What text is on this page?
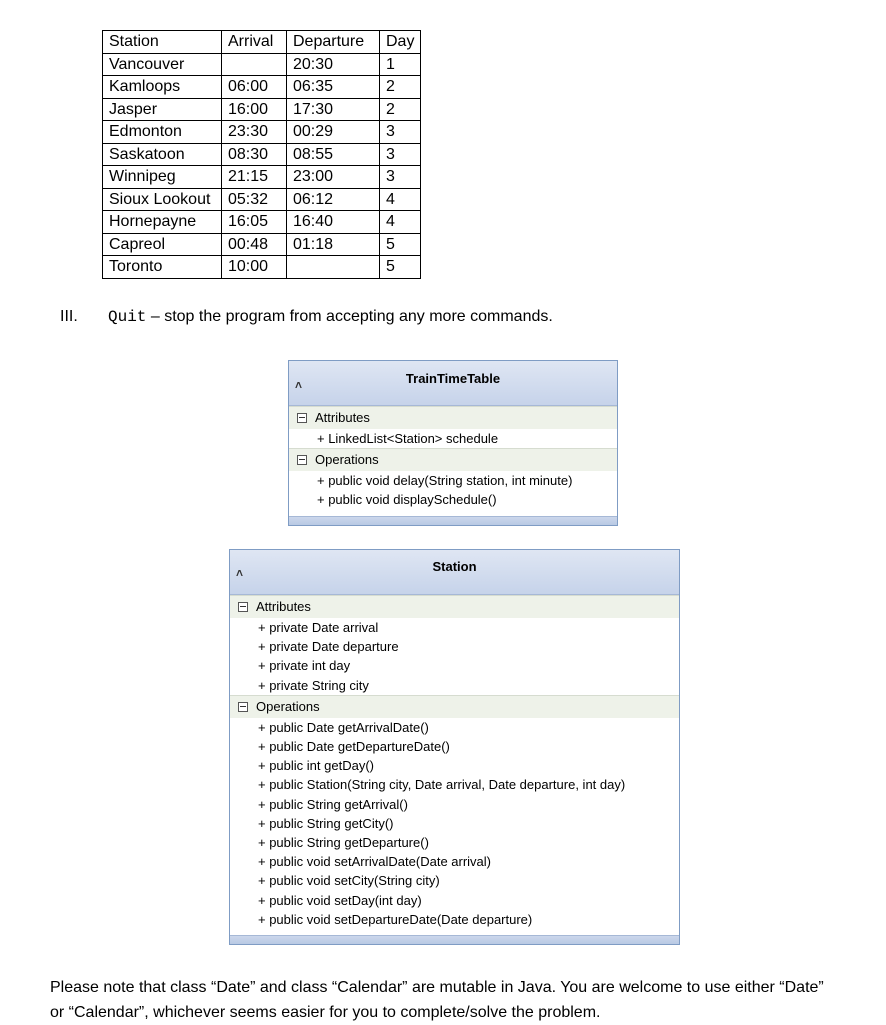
Station	Arrival	Departure	Day
Vancouver		20:30	1
Kamloops	06:00	06:35	2
Jasper	16:00	17:30	2
Edmonton	23:30	00:29	3
Saskatoon	08:30	08:55	3
Winnipeg	21:15	23:00	3
Sioux Lookout	05:32	06:12	4
Hornepayne	16:05	16:40	4
Capreol	00:48	01:18	5
Toronto	10:00		5
III. Quit – stop the program from accepting any more commands.
˄	TrainTimeTable
Attributes
+ LinkedList<Station> schedule
Operations
+ public void delay(String station, int minute)
+ public void displaySchedule()
˄	Station
Attributes
+ private Date arrival
+ private Date departure
+ private int day
+ private String city
Operations
+ public Date getArrivalDate()
+ public Date getDepartureDate()
+ public int getDay()
+ public Station(String city, Date arrival, Date departure, int day)
+ public String getArrival()
+ public String getCity()
+ public String getDeparture()
+ public void setArrivalDate(Date arrival)
+ public void setCity(String city)
+ public void setDay(int day)
+ public void setDepartureDate(Date departure)
Please note that class “Date” and class “Calendar” are mutable in Java. You are welcome to use either “Date” or “Calendar”, whichever seems easier for you to complete/solve the problem.
